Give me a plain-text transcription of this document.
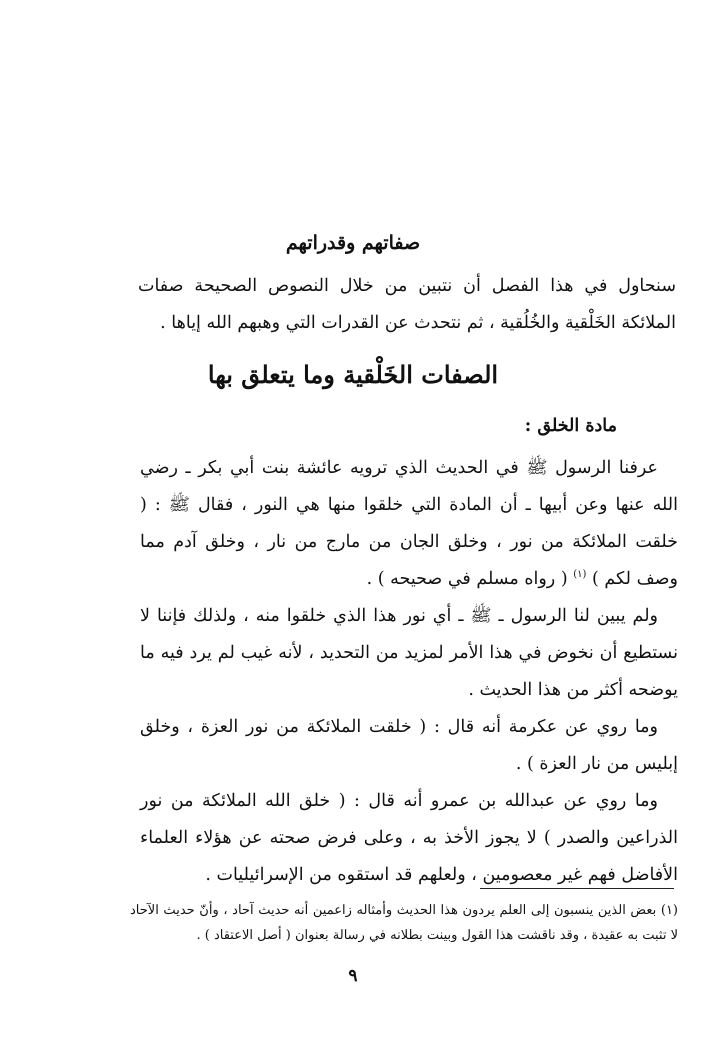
صفاتهم وقدراتهم

سنحاول في هذا الفصل أن نتبين من خلال النصوص الصحيحة صفات الملائكة الخَلْقية والخُلُقية ، ثم نتحدث عن القدرات التي وهبهم الله إياها .

الصفات الخَلْقية وما يتعلق بها
مادة الخلق :

عرفنا الرسول ﷺ في الحديث الذي ترويه عائشة بنت أبي بكر ـ رضي الله عنها وعن أبيها ـ أن المادة التي خلقوا منها هي النور ، فقال ﷺ : ( خلقت الملائكة من نور ، وخلق الجان من مارج من نار ، وخلق آدم مما وصف لكم ) $^{(١)}$ ( رواه مسلم في صحيحه ) .

ولم يبين لنا الرسول ـ ﷺ ـ أي نور هذا الذي خلقوا منه ، ولذلك فإننا لا نستطيع أن نخوض في هذا الأمر لمزيد من التحديد ، لأنه غيب لم يرد فيه ما يوضحه أكثر من هذا الحديث .

وما روي عن عكرمة أنه قال : ( خلقت الملائكة من نور العزة ، وخلق إبليس من نار العزة ) .

وما روي عن عبدالله بن عمرو أنه قال : ( خلق الله الملائكة من نور الذراعين والصدر ) لا يجوز الأخذ به ، وعلى فرض صحته عن هؤلاء العلماء الأفاضل فهم غير معصومين ، ولعلهم قد استقوه من الإسرائيليات .

(١) بعض الذين ينسبون إلى العلم يردون هذا الحديث وأمثاله زاعمين أنه حديث آحاد ، وأنّ حديث الآحاد لا تثبت به عقيدة ، وقد ناقشت هذا القول وبينت بطلانه في رسالة بعنوان ( أصل الاعتقاد ) .

٩
